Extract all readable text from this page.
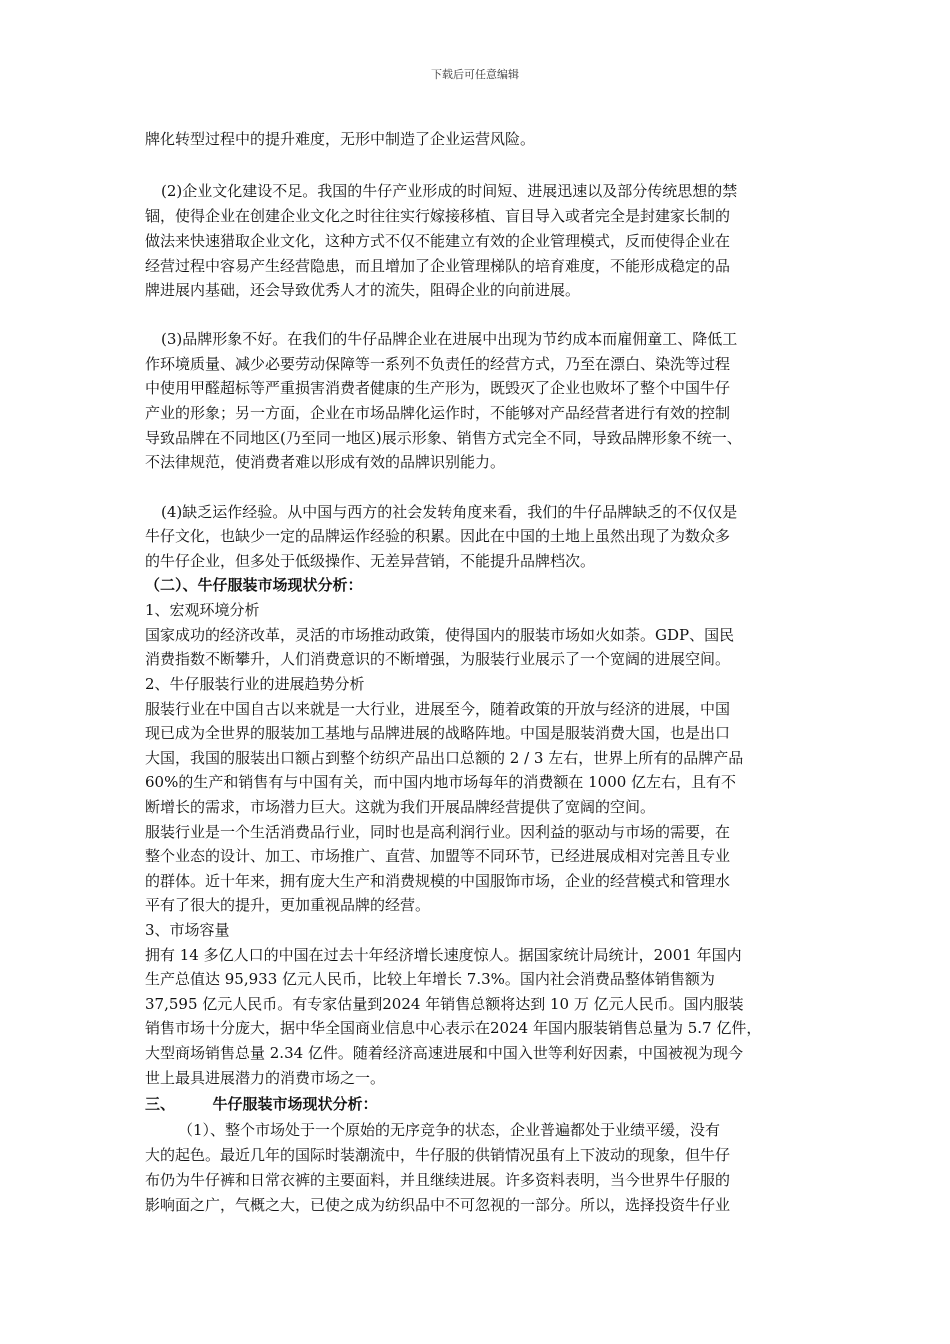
下载后可任意编辑
牌化转型过程中的提升难度，无形中制造了企业运营风险。
(2)企业文化建设不足。我国的牛仔产业形成的时间短、进展迅速以及部分传统思想的禁
锢，使得企业在创建企业文化之时往往实行嫁接移植、盲目导入或者完全是封建家长制的
做法来快速猎取企业文化，这种方式不仅不能建立有效的企业管理模式，反而使得企业在
经营过程中容易产生经营隐患，而且增加了企业管理梯队的培育难度，不能形成稳定的品
牌进展内基础，还会导致优秀人才的流失，阻碍企业的向前进展。
(3)品牌形象不好。在我们的牛仔品牌企业在进展中出现为节约成本而雇佣童工、降低工
作环境质量、减少必要劳动保障等一系列不负责任的经营方式，乃至在漂白、染洗等过程
中使用甲醛超标等严重损害消费者健康的生产形为，既毁灭了企业也败坏了整个中国牛仔
产业的形象；另一方面，企业在市场品牌化运作时，不能够对产品经营者进行有效的控制
导致品牌在不同地区(乃至同一地区)展示形象、销售方式完全不同，导致品牌形象不统一、
不法律规范，使消费者难以形成有效的品牌识别能力。
(4)缺乏运作经验。从中国与西方的社会发转角度来看，我们的牛仔品牌缺乏的不仅仅是
牛仔文化，也缺少一定的品牌运作经验的积累。因此在中国的土地上虽然出现了为数众多
的牛仔企业，但多处于低级操作、无差异营销，不能提升品牌档次。
（二）、牛仔服装市场现状分析：
1、宏观环境分析
国家成功的经济改革，灵活的市场推动政策，使得国内的服装市场如火如荼。GDP、国民
消费指数不断攀升，人们消费意识的不断增强，为服装行业展示了一个宽阔的进展空间。
2、牛仔服装行业的进展趋势分析
服装行业在中国自古以来就是一大行业，进展至今，随着政策的开放与经济的进展，中国
现已成为全世界的服装加工基地与品牌进展的战略阵地。中国是服装消费大国，也是出口
大国，我国的服装出口额占到整个纺织产品出口总额的 2 / 3 左右，世界上所有的品牌产品
60%的生产和销售有与中国有关，而中国内地市场每年的消费额在 1000 亿左右，且有不
断增长的需求，市场潜力巨大。这就为我们开展品牌经营提供了宽阔的空间。
服装行业是一个生活消费品行业，同时也是高利润行业。因利益的驱动与市场的需要，在
整个业态的设计、加工、市场推广、直营、加盟等不同环节，已经进展成相对完善且专业
的群体。近十年来，拥有庞大生产和消费规模的中国服饰市场，企业的经营模式和管理水
平有了很大的提升，更加重视品牌的经营。
3、市场容量
拥有 14 多亿人口的中国在过去十年经济增长速度惊人。据国家统计局统计，2001 年国内
生产总值达 95,933 亿元人民币，比较上年增长 7.3%。国内社会消费品整体销售额为
37,595 亿元人民币。有专家估量到2024 年销售总额将达到 10 万 亿元人民币。国内服装
销售市场十分庞大，据中华全国商业信息中心表示在2024 年国内服装销售总量为 5.7 亿件，
大型商场销售总量 2.34 亿件。随着经济高速进展和中国入世等利好因素，中国被视为现今
世上最具进展潜力的消费市场之一。
三、　　　牛仔服装市场现状分析：
（1）、整个市场处于一个原始的无序竞争的状态，企业普遍都处于业绩平缓，没有
大的起色。最近几年的国际时装潮流中，牛仔服的供销情况虽有上下波动的现象，但牛仔
布仍为牛仔裤和日常衣裤的主要面料，并且继续进展。许多资料表明，当今世界牛仔服的
影响面之广，气概之大，已使之成为纺织品中不可忽视的一部分。所以，选择投资牛仔业
